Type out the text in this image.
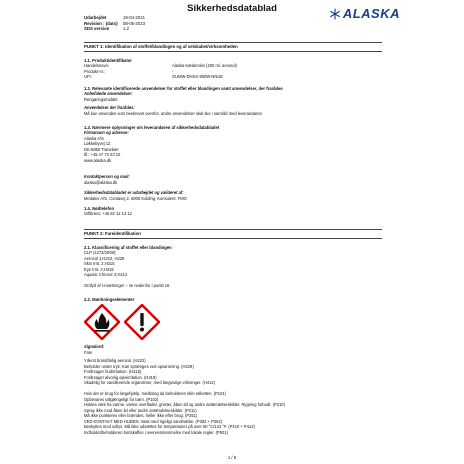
Sikkerhedsdatablad	ALASKA
Udarbejdet	19-04-2021
Revision : (dato)	08-05-2023
SDS version	1.2
PUNKT 1: Identifikation af stoffet/blandingen og af selskabet/virksomheden
1.1. Produktidentifikator
Handelsnavn:	Alaska Kædemiris (200 ml. aerosol)
Produkt-nr.:	-
UFI:	GUMW-DHSX-900W-NNUE
1.2. Relevante identificerede anvendelser for stoffet eller blandingen samt anvendelser, der frarådes
Anbefalede anvendelser:
Rengøringsmiddel.
Anvendelser der frarådes:
Må kun anvendes som beskrevet ovenfor, andre anvendelser skal ske i samråd med leverandøren
1.3. Nærmere oplysninger om leverandøren af sikkerhedsdatabladet
Firmanavn og adresse:
Alaska A/S
Løkkebyvej 12
DK-5850 Tranekær
tlf.: +45 47 72 23 10
www.alaska.dk
Kontaktperson og mail:
alaska@alaska.dk
Sikkerhedsdatabladet er udarbejdet og valideret af:
Medalex A/S, Contavej 2, 6000 Kolding, Konsulent: FMO
1.4. Nødtelefon
Giftlinien: +45 82 12 12 12
PUNKT 2: Fareidentifikation
2.1. Klassificering af stoffet eller blandingen
CLP (1272/2008):
Aerosol 1;H222, H229
Skin Irrit. 2;H315
Eye Irrit. 2;H319
Aquatic Chronic 2;H412
Ordlyd af H-sætninger – se nedenfor i punkt 16.
2.2. Mærkningselementer
Signalord:
Fare
Yderst brandfarlig aerosol. (H222)
Beholder under tryk: Kan sprænges ved opvarmning. (H229)
Forårsager hudirritation. (H315)
Forårsager alvorlig øjenirritation. (H319)
Skadelig for vandlevende organismer, med langvarige virkninger. (H412)
Hvis der er brug for lægehjælp, medbring da beholderen eller etiketten. (P101)
Opbevares utilgængeligt for børn. (P102)
Holdes væk fra varme, varme overflader, gnister, åben ild og andre antændelseskilder. Rygning forbudt. (P210)
Spray ikke mod åben ild eller andre antændelseskilder. (P211)
Må ikke punkteres eller brændes, heller ikke efter brug. (P251)
VED KONTAKT MED HUDEN: Vask med rigeligt vand/sæbe. (P302 + P352)
Beskyttes mod sollys. Må ikke udsættes for temperaturer på over 50 °C/122 °F. (P410 + P412)
Indholdet/beholderen bortskaffes i overensstemmelse med lokale regler. (P501)
1 / 8
